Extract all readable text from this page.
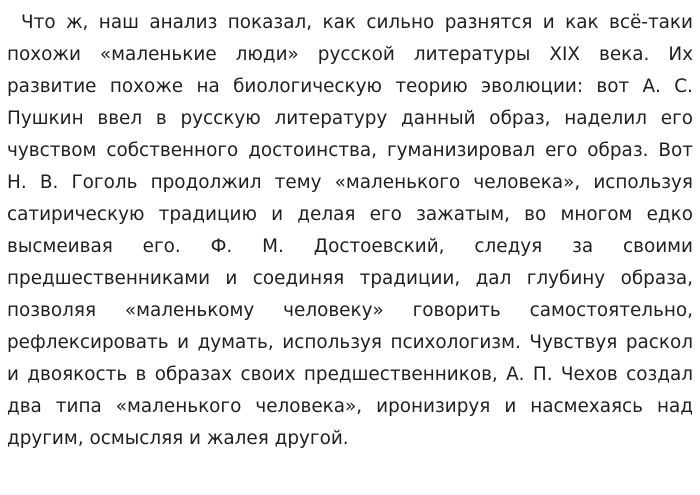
Что ж, наш анализ показал, как сильно разнятся и как всё-таки похожи «маленькие люди» русской литературы XIX века. Их развитие похоже на биологическую теорию эволюции: вот А. С. Пушкин ввел в русскую литературу данный образ, наделил его чувством собственного достоинства, гуманизировал его образ. Вот Н. В. Гоголь продолжил тему «маленького человека», используя сатирическую традицию и делая его зажатым, во многом едко высмеивая его. Ф. М. Достоевский, следуя за своими предшественниками и соединяя традиции, дал глубину образа, позволяя «маленькому человеку» говорить самостоятельно, рефлексировать и думать, используя психологизм. Чувствуя раскол и двоякость в образах своих предшественников, А. П. Чехов создал два типа «маленького человека», иронизируя и насмехаясь над другим, осмысляя и жалея другой.
